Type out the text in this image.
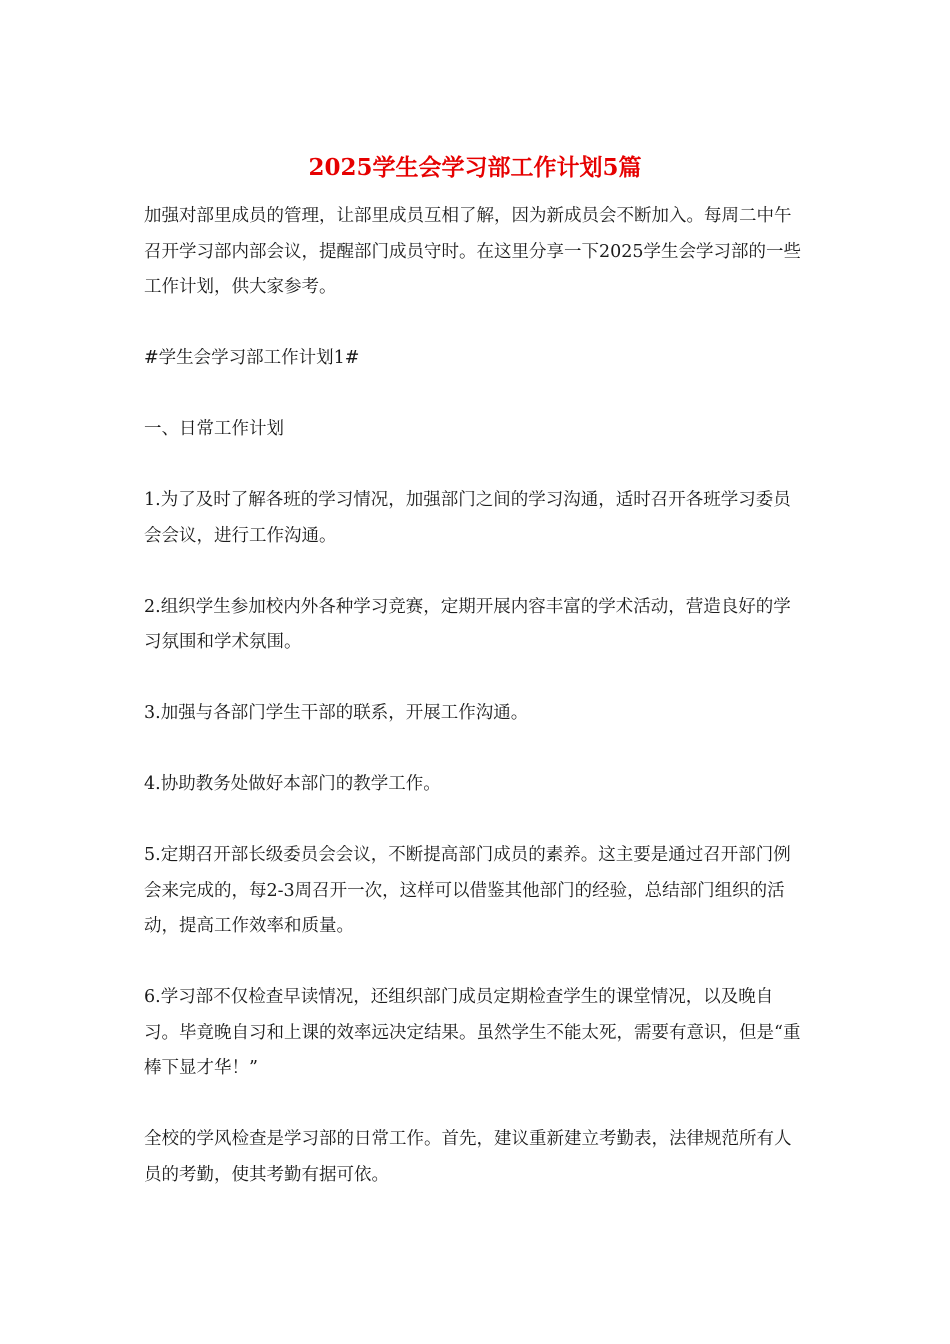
2025学生会学习部工作计划5篇

加强对部里成员的管理，让部里成员互相了解，因为新成员会不断加入。每周二中午召开学习部内部会议，提醒部门成员守时。在这里分享一下2025学生会学习部的一些工作计划，供大家参考。

#学生会学习部工作计划1#

一、日常工作计划

1.为了及时了解各班的学习情况，加强部门之间的学习沟通，适时召开各班学习委员会会议，进行工作沟通。

2.组织学生参加校内外各种学习竞赛，定期开展内容丰富的学术活动，营造良好的学习氛围和学术氛围。

3.加强与各部门学生干部的联系，开展工作沟通。

4.协助教务处做好本部门的教学工作。

5.定期召开部长级委员会会议，不断提高部门成员的素养。这主要是通过召开部门例会来完成的，每2-3周召开一次，这样可以借鉴其他部门的经验，总结部门组织的活动，提高工作效率和质量。

6.学习部不仅检查早读情况，还组织部门成员定期检查学生的课堂情况，以及晚自习。毕竟晚自习和上课的效率远决定结果。虽然学生不能太死，需要有意识，但是“重棒下显才华！”

全校的学风检查是学习部的日常工作。首先，建议重新建立考勤表，法律规范所有人员的考勤，使其考勤有据可依。
